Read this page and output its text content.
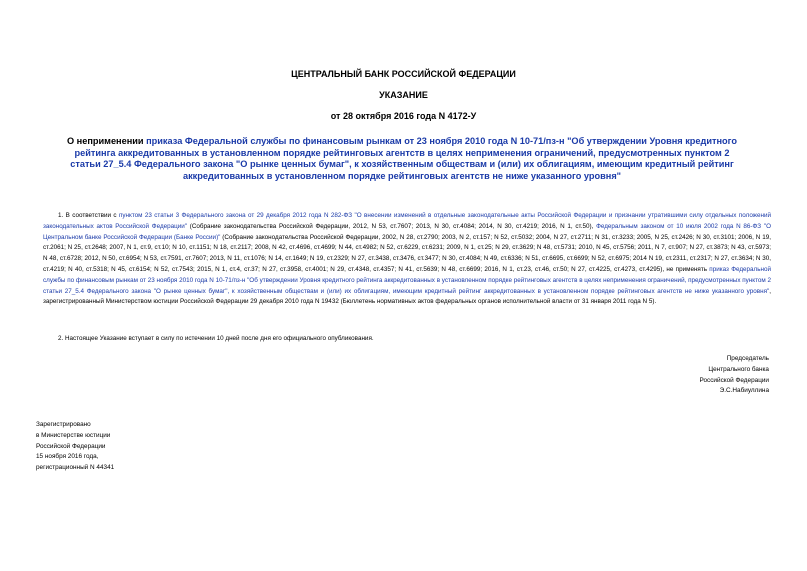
ЦЕНТРАЛЬНЫЙ БАНК РОССИЙСКОЙ ФЕДЕРАЦИИ
УКАЗАНИЕ
от 28 октября 2016 года N 4172-У
О неприменении приказа Федеральной службы по финансовым рынкам от 23 ноября 2010 года N 10-71/пз-н "Об утверждении Уровня кредитного рейтинга аккредитованных в установленном порядке рейтинговых агентств в целях неприменения ограничений, предусмотренных пунктом 2 статьи 27_5.4 Федерального закона "О рынке ценных бумаг", к хозяйственным обществам и (или) их облигациям, имеющим кредитный рейтинг аккредитованных в установленном порядке рейтинговых агентств не ниже указанного уровня"
1. В соответствии с пунктом 23 статьи 3 Федерального закона от 29 декабря 2012 года N 282-ФЗ "О внесении изменений в отдельные законодательные акты Российской Федерации и признании утратившими силу отдельных положений законодательных актов Российской Федерации" (Собрание законодательства Российской Федерации, 2012, N 53, ст.7607; 2013, N 30, ст.4084; 2014, N 30, ст.4219; 2016, N 1, ст.50), Федеральным законом от 10 июля 2002 года N 86-ФЗ "О Центральном банке Российской Федерации (Банке России)" (Собрание законодательства Российской Федерации, 2002, N 28, ст.2790; 2003, N 2, ст.157; N 52, ст.5032; 2004, N 27, ст.2711; N 31, ст.3233; 2005, N 25, ст.2426; N 30, ст.3101; 2006, N 19, ст.2061; N 25, ст.2648; 2007, N 1, ст.9, ст.10; N 10, ст.1151; N 18, ст.2117; 2008, N 42, ст.4696, ст.4699; N 44, ст.4982; N 52, ст.6229, ст.6231; 2009, N 1, ст.25; N 29, ст.3629; N 48, ст.5731; 2010, N 45, ст.5756; 2011, N 7, ст.907; N 27, ст.3873; N 43, ст.5973; N 48, ст.6728; 2012, N 50, ст.6954; N 53, ст.7591, ст.7607; 2013, N 11, ст.1076; N 14, ст.1649; N 19, ст.2329; N 27, ст.3438, ст.3476, ст.3477; N 30, ст.4084; N 49, ст.6336; N 51, ст.6695, ст.6699; N 52, ст.6975; 2014 N 19, ст.2311, ст.2317; N 27, ст.3634; N 30, ст.4219; N 40, ст.5318; N 45, ст.6154; N 52, ст.7543; 2015, N 1, ст.4, ст.37; N 27, ст.3958, ст.4001; N 29, ст.4348, ст.4357; N 41, ст.5639; N 48, ст.6699; 2016, N 1, ст.23, ст.46, ст.50; N 27, ст.4225, ст.4273, ст.4295), не применять приказ Федеральной службы по финансовым рынкам от 23 ноября 2010 года N 10-71/пз-н "Об утверждении Уровня кредитного рейтинга аккредитованных в установленном порядке рейтинговых агентств в целях неприменения ограничений, предусмотренных пунктом 2 статьи 27_5.4 Федерального закона "О рынке ценных бумаг", к хозяйственным обществам и (или) их облигациям, имеющим кредитный рейтинг аккредитованных в установленном порядке рейтинговых агентств не ниже указанного уровня", зарегистрированный Министерством юстиции Российской Федерации 29 декабря 2010 года N 19432 (Бюллетень нормативных актов федеральных органов исполнительной власти от 31 января 2011 года N 5).
2. Настоящее Указание вступает в силу по истечении 10 дней после дня его официального опубликования.
Председатель
Центрального банка
Российской Федерации
Э.С.Набиуллина
Зарегистрировано
в Министерстве юстиции
Российской Федерации
15 ноября 2016 года,
регистрационный N 44341
